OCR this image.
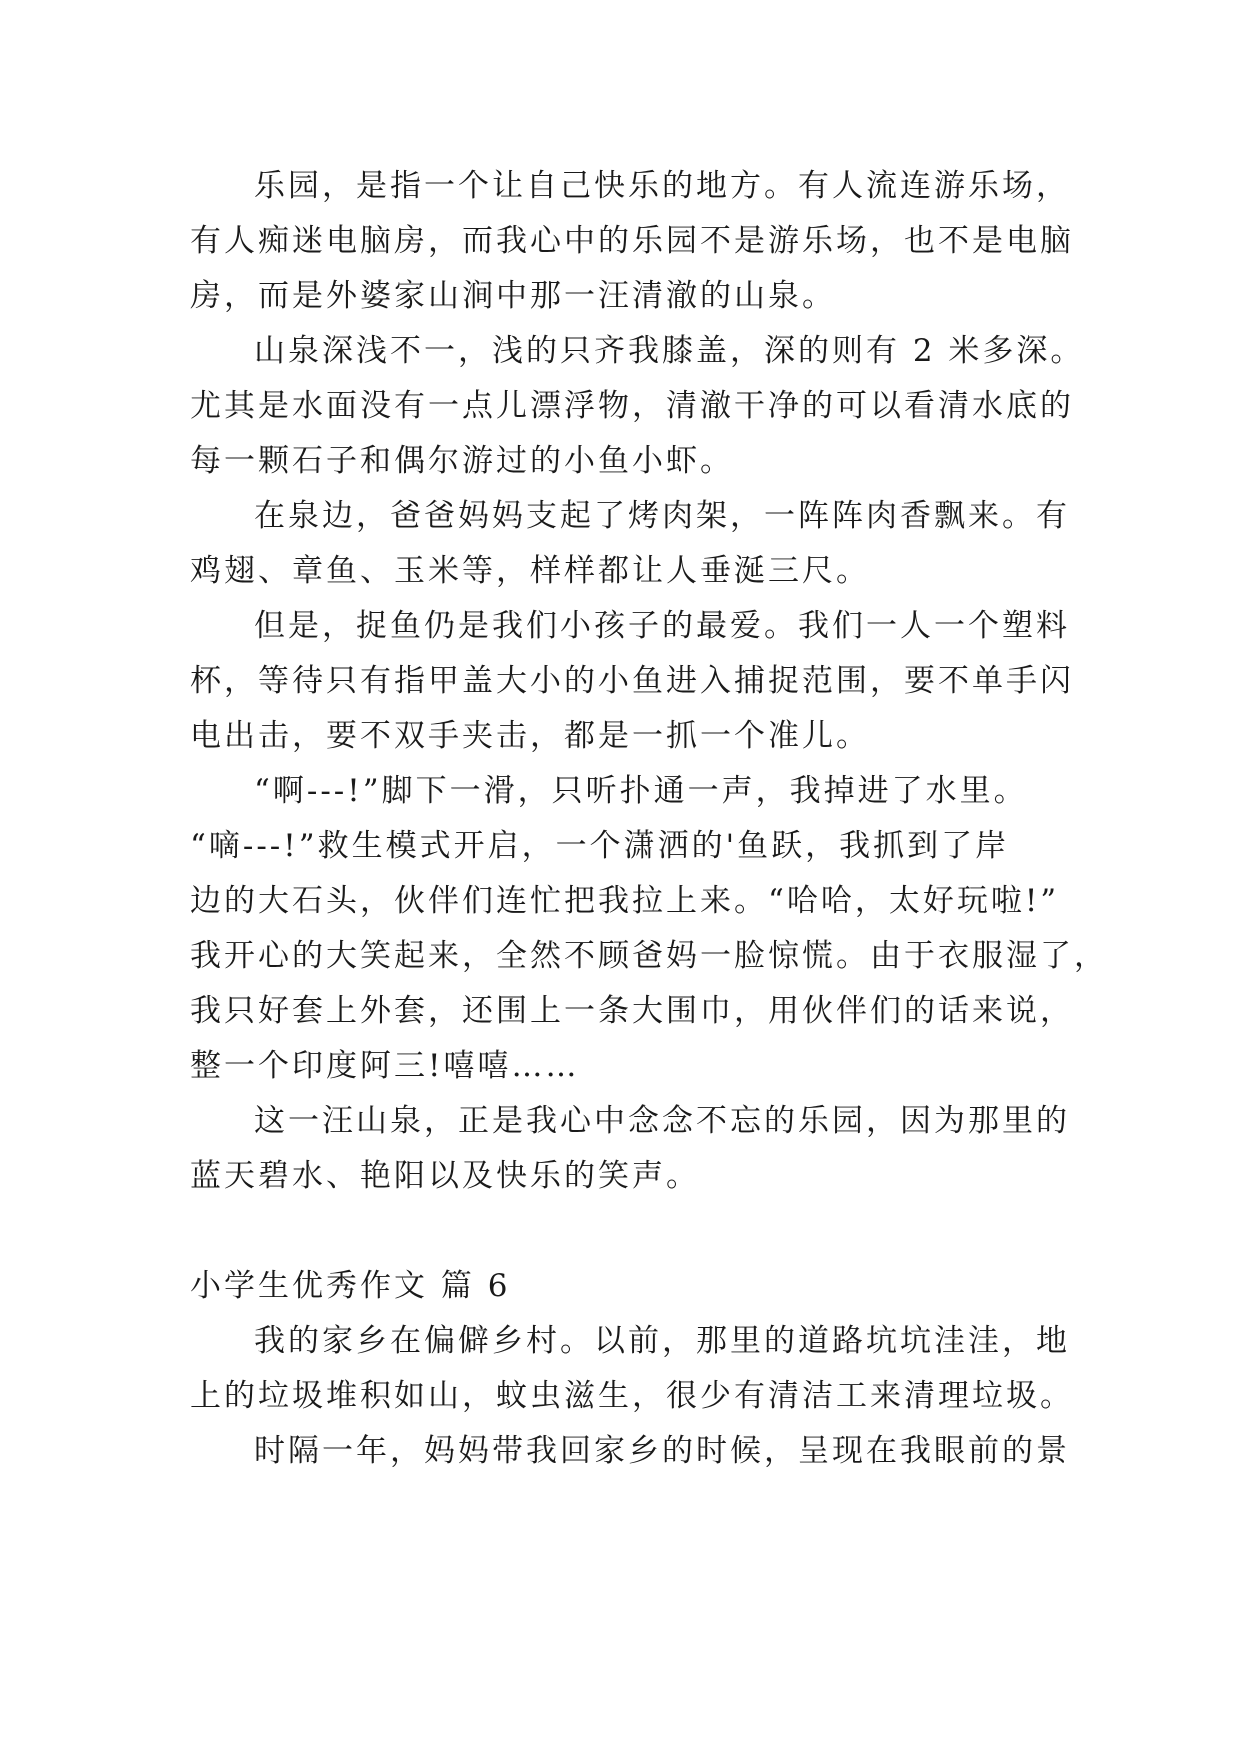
乐园，是指一个让自己快乐的地方。有人流连游乐场，
有人痴迷电脑房，而我心中的乐园不是游乐场，也不是电脑
房，而是外婆家山涧中那一汪清澈的山泉。
山泉深浅不一，浅的只齐我膝盖，深的则有 2 米多深。
尤其是水面没有一点儿漂浮物，清澈干净的可以看清水底的
每一颗石子和偶尔游过的小鱼小虾。
在泉边，爸爸妈妈支起了烤肉架，一阵阵肉香飘来。有
鸡翅、章鱼、玉米等，样样都让人垂涎三尺。
但是，捉鱼仍是我们小孩子的最爱。我们一人一个塑料
杯，等待只有指甲盖大小的小鱼进入捕捉范围，要不单手闪
电出击，要不双手夹击，都是一抓一个准儿。
“啊---!”脚下一滑，只听扑通一声，我掉进了水里。
“嘀---!”救生模式开启，一个潇洒的'鱼跃，我抓到了岸
边的大石头，伙伴们连忙把我拉上来。“哈哈，太好玩啦!”
我开心的大笑起来，全然不顾爸妈一脸惊慌。由于衣服湿了，
我只好套上外套，还围上一条大围巾，用伙伴们的话来说，
整一个印度阿三!嘻嘻……
这一汪山泉，正是我心中念念不忘的乐园，因为那里的
蓝天碧水、艳阳以及快乐的笑声。
小学生优秀作文 篇 6
我的家乡在偏僻乡村。以前，那里的道路坑坑洼洼，地
上的垃圾堆积如山，蚊虫滋生，很少有清洁工来清理垃圾。
时隔一年，妈妈带我回家乡的时候，呈现在我眼前的景
